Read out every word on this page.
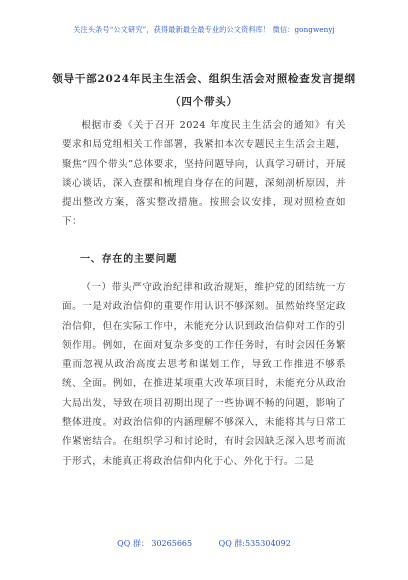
关注头条号“公文研究”，获得最新最全最专业的公文资料库！ 微信：gongwenyj
领导干部2024年民主生活会、组织生活会对照检查发言提纲（四个带头）
根据市委《关于召开 2024 年度民主生活会的通知》有关要求和局党组相关工作部署，我紧扣本次专题民主生活会主题，聚焦“四个带头”总体要求，坚持问题导向，认真学习研讨，开展谈心谈话，深入查摆和梳理自身存在的问题，深刻剖析原因，并提出整改方案，落实整改措施。按照会议安排，现对照检查如下：
一、存在的主要问题
（一）带头严守政治纪律和政治规矩，维护党的团结统一方面。一是对政治信仰的重要作用认识不够深刻。虽然始终坚定政治信仰，但在实际工作中，未能充分认识到政治信仰对工作的引领作用。例如，在面对复杂多变的工作任务时，有时会因任务繁重而忽视从政治高度去思考和谋划工作，导致工作推进不够系统、全面。例如，在推进某项重大改革项目时，未能充分从政治大局出发，导致在项目初期出现了一些协调不畅的问题，影响了整体进度。对政治信仰的内涵理解不够深入，未能将其与日常工作紧密结合。在组织学习和讨论时，有时会因缺乏深入思考而流于形式，未能真正将政治信仰内化于心、外化于行。二是
QQ 群： 30265665	QQ 群:535304092
